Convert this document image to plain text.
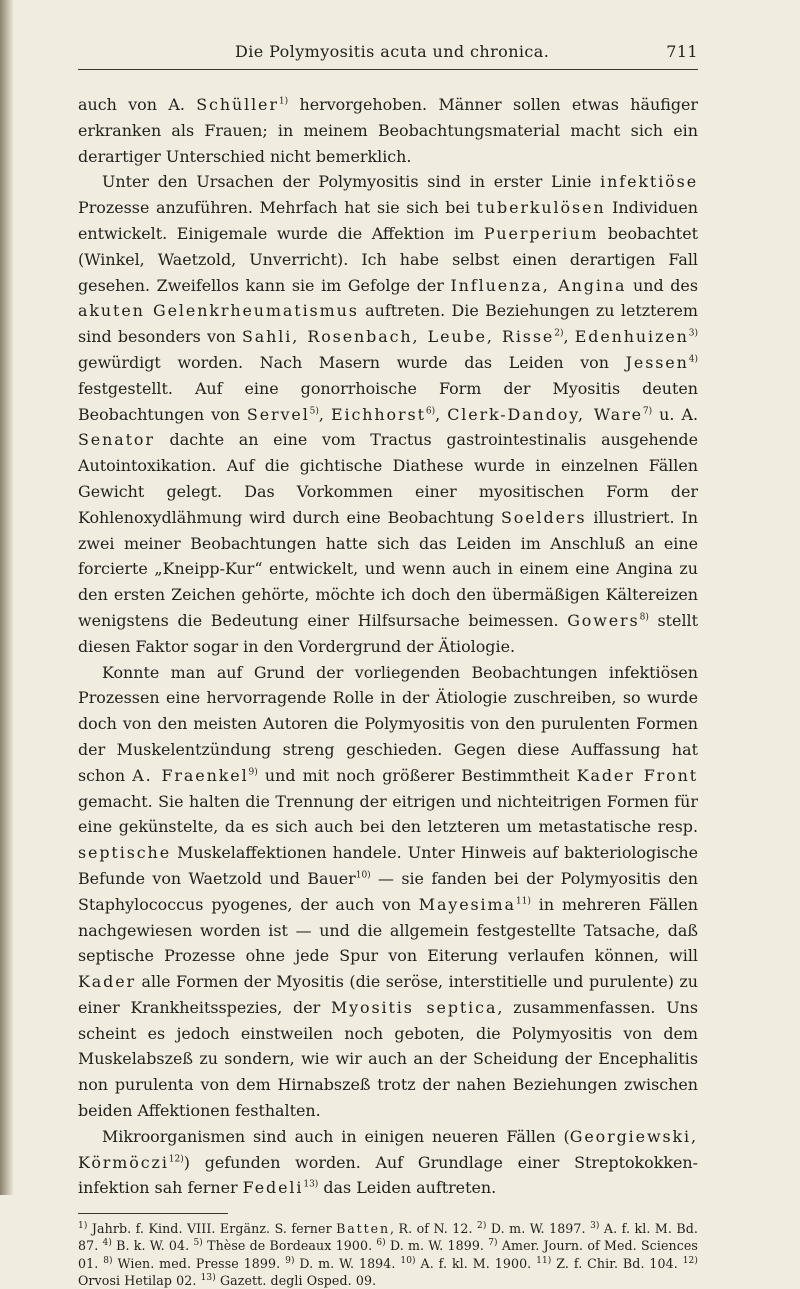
Die Polymyositis acuta und chronica.	711

auch von A. Schüller$^{1)}$ hervorgehoben. Männer sollen etwas häufiger erkranken als Frauen; in meinem Beobachtungsmaterial macht sich ein derartiger Unterschied nicht bemerklich.

Unter den Ursachen der Polymyositis sind in erster Linie infektiöse Prozesse anzuführen. Mehrfach hat sie sich bei tuberkulösen Individuen entwickelt. Einigemale wurde die Affektion im Puerperium beobachtet (Winkel, Waetzold, Unverricht). Ich habe selbst einen derartigen Fall gesehen. Zweifellos kann sie im Gefolge der Influenza, Angina und des akuten Gelenkrheumatismus auftreten. Die Beziehungen zu letzterem sind besonders von Sahli, Rosenbach, Leube, Risse$^{2)}$, Edenhuizen$^{3)}$ gewürdigt worden. Nach Masern wurde das Leiden von Jessen$^{4)}$ festgestellt. Auf eine gonorrhoische Form der Myositis deuten Beobachtungen von Servel$^{5)}$, Eichhorst$^{6)}$, Clerk-Dandoy, Ware$^{7)}$ u. A. Senator dachte an eine vom Tractus gastrointestinalis ausgehende Autointoxikation. Auf die gichtische Diathese wurde in einzelnen Fällen Gewicht gelegt. Das Vorkommen einer myositischen Form der Kohlenoxydlähmung wird durch eine Beobachtung Soelders illustriert. In zwei meiner Beobachtungen hatte sich das Leiden im Anschluß an eine forcierte „Kneipp-Kur“ entwickelt, und wenn auch in einem eine Angina zu den ersten Zeichen gehörte, möchte ich doch den übermäßigen Kältereizen wenigstens die Bedeutung einer Hilfsursache beimessen. Gowers$^{8)}$ stellt diesen Faktor sogar in den Vordergrund der Ätiologie.

Konnte man auf Grund der vorliegenden Beobachtungen infektiösen Prozessen eine hervorragende Rolle in der Ätiologie zuschreiben, so wurde doch von den meisten Autoren die Polymyositis von den purulenten Formen der Muskelentzündung streng geschieden. Gegen diese Auffassung hat schon A. Fraenkel$^{9)}$ und mit noch größerer Bestimmtheit Kader Front gemacht. Sie halten die Trennung der eitrigen und nichteitrigen Formen für eine gekünstelte, da es sich auch bei den letzteren um metastatische resp. septische Muskelaffektionen handele. Unter Hinweis auf bakteriologische Befunde von Waetzold und Bauer$^{10)}$ — sie fanden bei der Polymyositis den Staphylococcus pyogenes, der auch von Mayesima$^{11)}$ in mehreren Fällen nachgewiesen worden ist — und die allgemein festgestellte Tatsache, daß septische Prozesse ohne jede Spur von Eiterung verlaufen können, will Kader alle Formen der Myositis (die seröse, interstitielle und purulente) zu einer Krankheitsspezies, der Myositis septica, zusammenfassen. Uns scheint es jedoch einstweilen noch geboten, die Polymyositis von dem Muskelabszeß zu sondern, wie wir auch an der Scheidung der Encephalitis non purulenta von dem Hirnabszeß trotz der nahen Beziehungen zwischen beiden Affektionen festhalten.

Mikroorganismen sind auch in einigen neueren Fällen (Georgiewski, Körmöczi$^{12)}$) gefunden worden. Auf Grundlage einer Streptokokkeninfektion sah ferner Fedeli$^{13)}$ das Leiden auftreten.

$^{1)}$ Jahrb. f. Kind. VIII. Ergänz. S. ferner Batten, R. of N. 12. $^{2)}$ D. m. W. 1897. $^{3)}$ A. f. kl. M. Bd. 87. $^{4)}$ B. k. W. 04. $^{5)}$ Thèse de Bordeaux 1900. $^{6)}$ D. m. W. 1899. $^{7)}$ Amer. Journ. of Med. Sciences 01. $^{8)}$ Wien. med. Presse 1899. $^{9)}$ D. m. W. 1894. $^{10)}$ A. f. kl. M. 1900. $^{11)}$ Z. f. Chir. Bd. 104. $^{12)}$ Orvosi Hetilap 02. $^{13)}$ Gazett. degli Osped. 09.
